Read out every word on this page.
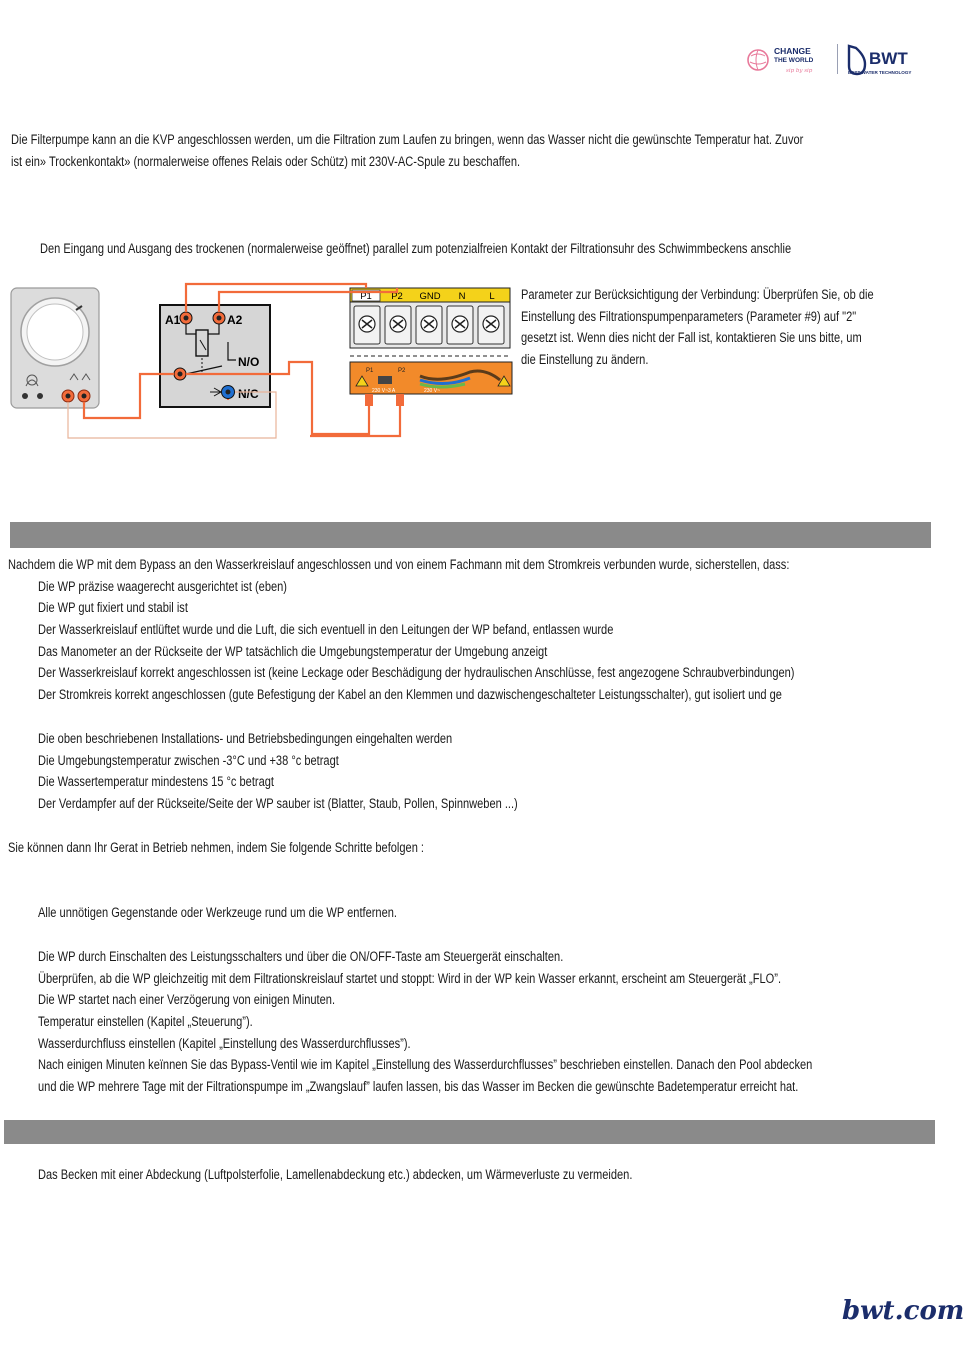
CHANGE
THE WORLD
sip by sip
BWT
BEST WATER TECHNOLOGY
Die Filterpumpe kann an die KVP angeschlossen werden, um die Filtration zum Laufen zu bringen, wenn das Wasser nicht die gewünschte Temperatur hat. Zuvor
ist ein» Trockenkontakt» (normalerweise offenes Relais oder Schütz) mit 230V-AC-Spule zu beschaffen.
Den Eingang und Ausgang des trockenen (normalerweise geöffnet) parallel zum potenzialfreien Kontakt der Filtrationsuhr des Schwimmbeckens anschlie
A1	A2
N/O
N/C
P1 P2 GND N	L
P1	P2
230 V~3 A	230 V~
Parameter zur Berücksichtigung der Verbindung: Überprüfen Sie, ob die
Einstellung des Filtrationspumpenparameters (Parameter #9) auf "2"
gesetzt ist. Wenn dies nicht der Fall ist, kontaktieren Sie uns bitte, um
die Einstellung zu ändern.
Nachdem die WP mit dem Bypass an den Wasserkreislauf angeschlossen und von einem Fachmann mit dem Stromkreis verbunden wurde, sicherstellen, dass:
Die WP präzise waagerecht ausgerichtet ist (eben)
Die WP gut fixiert und stabil ist
Der Wasserkreislauf entlüftet wurde und die Luft, die sich eventuell in den Leitungen der WP befand, entlassen wurde
Das Manometer an der Rückseite der WP tatsächlich die Umgebungstemperatur der Umgebung anzeigt
Der Wasserkreislauf korrekt angeschlossen ist (keine Leckage oder Beschädigung der hydraulischen Anschlüsse, fest angezogene Schraubverbindungen)
Der Stromkreis korrekt angeschlossen (gute Befestigung der Kabel an den Klemmen und dazwischengeschalteter Leistungsschalter), gut isoliert und ge
Die oben beschriebenen Installations- und Betriebsbedingungen eingehalten werden
Die Umgebungstemperatur zwischen -3°C und +38 °c betragt
Die Wassertemperatur mindestens 15 °c betragt
Der Verdampfer auf der Rückseite/Seite der WP sauber ist (Blatter, Staub, Pollen, Spinnweben ...)
Sie können dann Ihr Gerat in Betrieb nehmen, indem Sie folgende Schritte befolgen :
Alle unnötigen Gegenstande oder Werkzeuge rund um die WP entfernen.
Die WP durch Einschalten des Leistungsschalters und über die ON/OFF-Taste am Steuergerät einschalten.
Überprüfen, ab die WP gleichzeitig mit dem Filtrationskreislauf startet und stoppt: Wird in der WP kein Wasser erkannt, erscheint am Steuergerät „FLO”.
Die WP startet nach einer Verzögerung von einigen Minuten.
Temperatur einstellen (Kapitel „Steuerung”).
Wasserdurchfluss einstellen (Kapitel „Einstellung des Wasserdurchflusses”).
Nach einigen Minuten keïnnen Sie das Bypass-Ventil wie im Kapitel „Einstellung des Wasserdurchflusses” beschrieben einstellen. Danach den Pool abdecken
und die WP mehrere Tage mit der Filtrationspumpe im „Zwangslauf” laufen lassen, bis das Wasser im Becken die gewünschte Badetemperatur erreicht hat.
Das Becken mit einer Abdeckung (Luftpolsterfolie, Lamellenabdeckung etc.) abdecken, um Wärmeverluste zu vermeiden.
bwt.com
